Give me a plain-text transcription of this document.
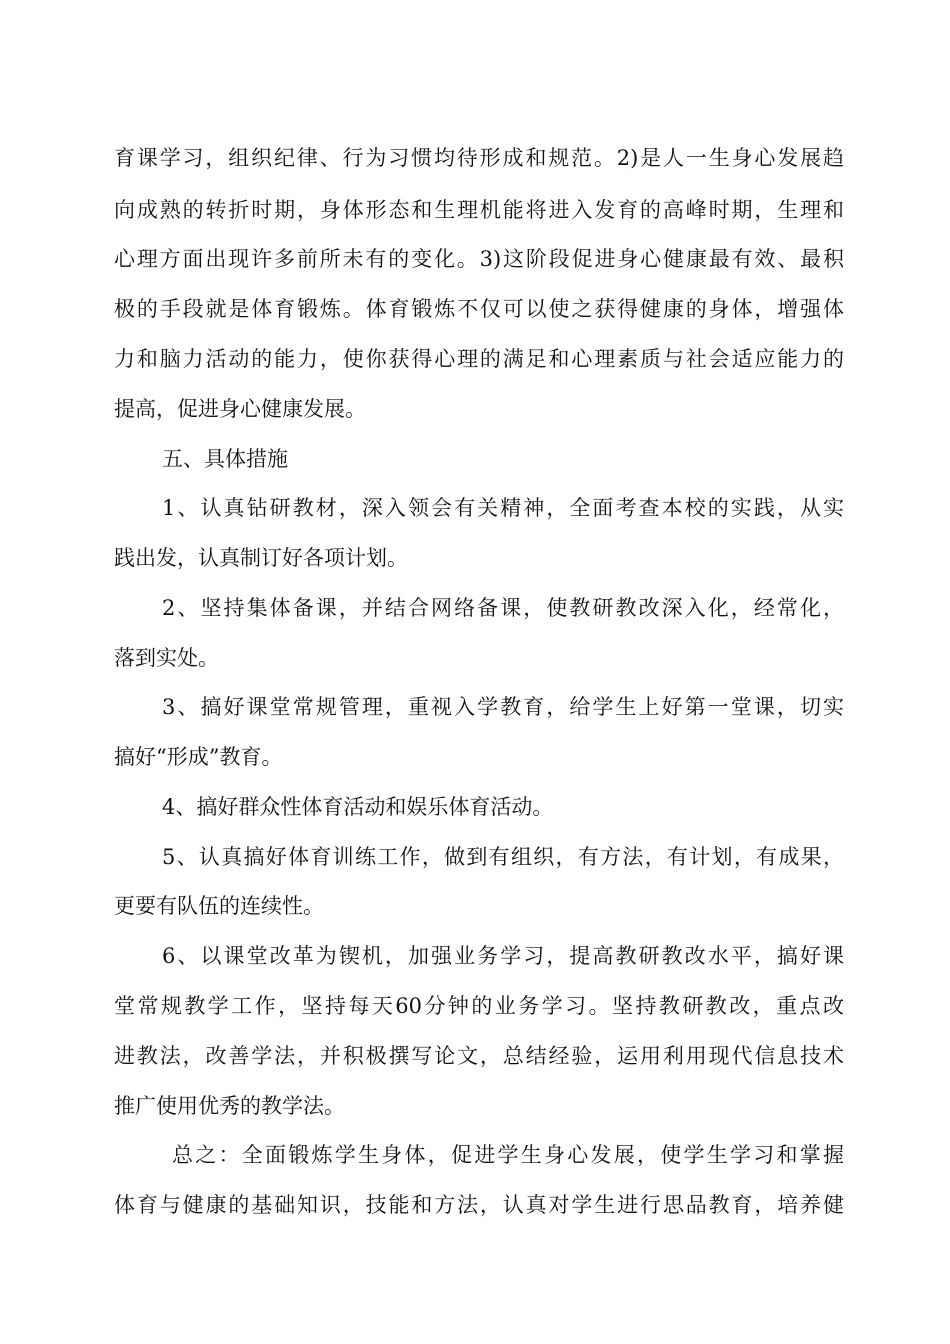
育课学习，组织纪律、行为习惯均待形成和规范。2)是人一生身心发展趋
向成熟的转折时期，身体形态和生理机能将进入发育的高峰时期，生理和
心理方面出现许多前所未有的变化。3)这阶段促进身心健康最有效、最积
极的手段就是体育锻炼。体育锻炼不仅可以使之获得健康的身体，增强体
力和脑力活动的能力，使你获得心理的满足和心理素质与社会适应能力的
提高，促进身心健康发展。
五、具体措施
1、认真钻研教材，深入领会有关精神，全面考查本校的实践，从实
践出发，认真制订好各项计划。
2、坚持集体备课，并结合网络备课，使教研教改深入化，经常化，
落到实处。
3、搞好课堂常规管理，重视入学教育，给学生上好第一堂课，切实
搞好“形成”教育。
4、搞好群众性体育活动和娱乐体育活动。
5、认真搞好体育训练工作，做到有组织，有方法，有计划，有成果，
更要有队伍的连续性。
6、以课堂改革为锲机，加强业务学习，提高教研教改水平，搞好课
堂常规教学工作，坚持每天60分钟的业务学习。坚持教研教改，重点改
进教法，改善学法，并积极撰写论文，总结经验，运用利用现代信息技术
推广使用优秀的教学法。
总之：全面锻炼学生身体，促进学生身心发展，使学生学习和掌握
体育与健康的基础知识，技能和方法，认真对学生进行思品教育，培养健
